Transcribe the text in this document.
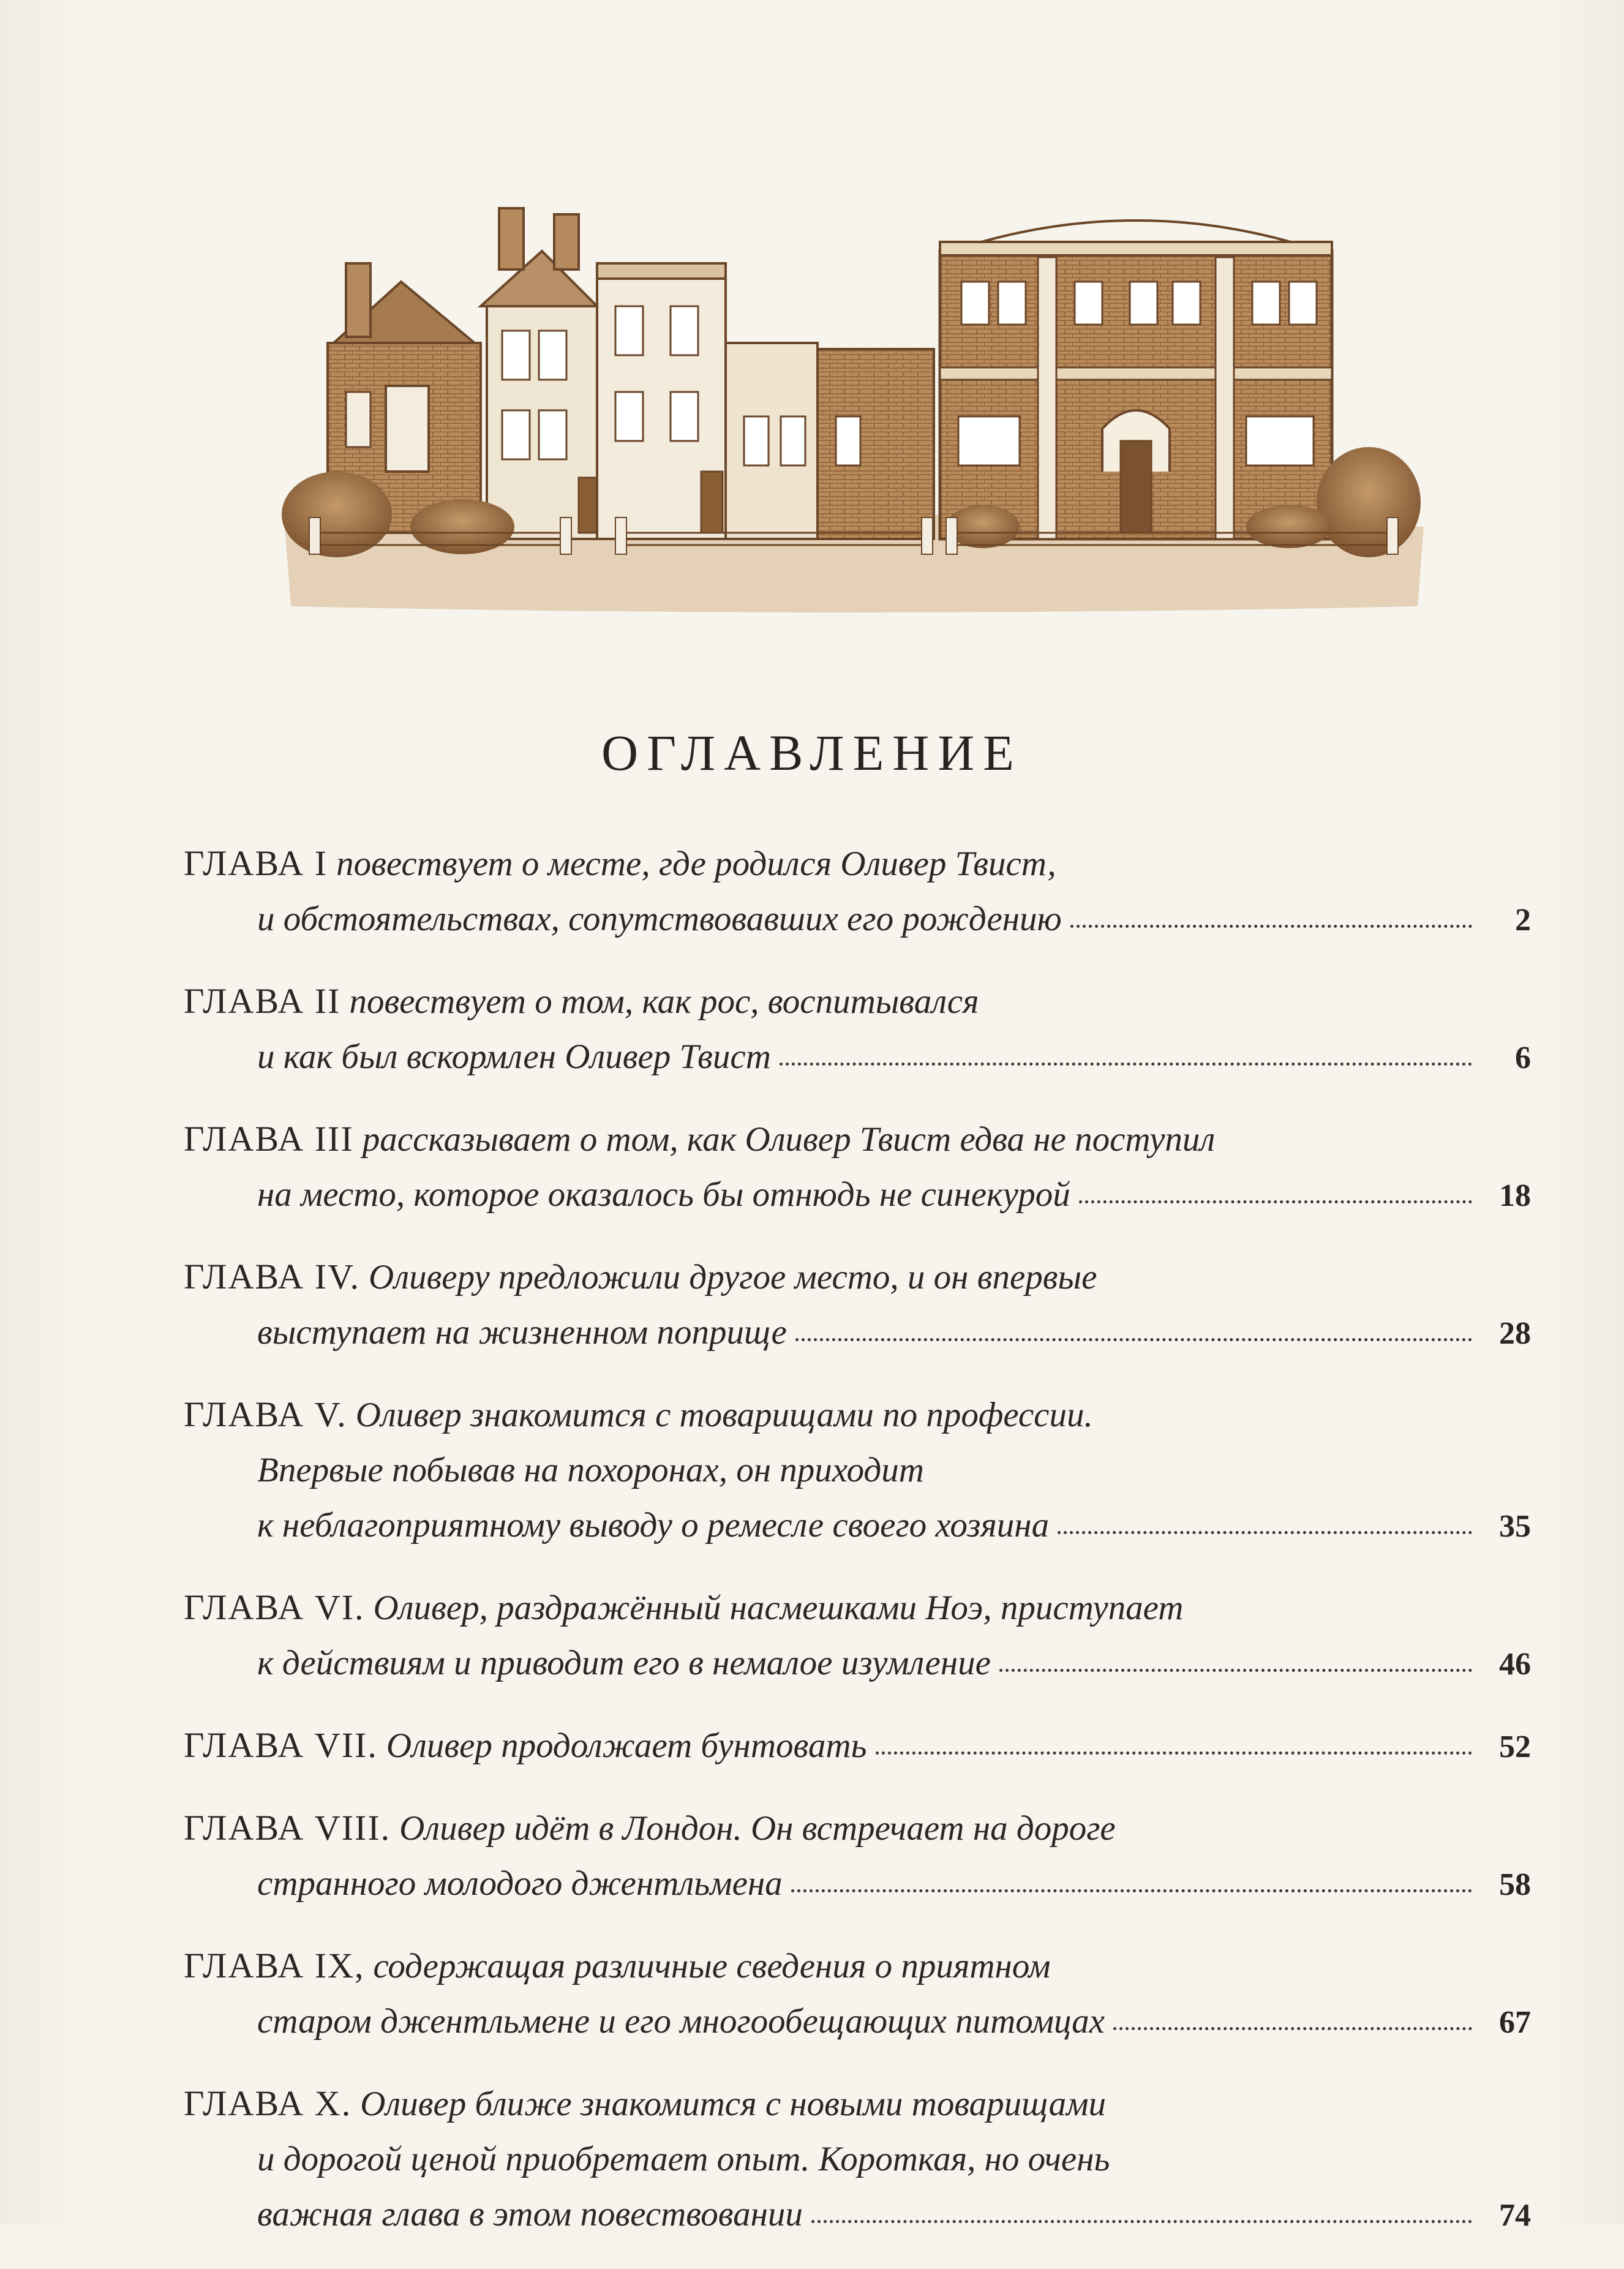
оглавление
ГЛАВА I повествует о месте, где родился Оливер Твист,
и обстоятельствах, сопутствовавших его рождению	2
ГЛАВА II повествует о том, как рос, воспитывался
и как был вскормлен Оливер Твист	6
ГЛАВА III рассказывает о том, как Оливер Твист едва не поступил
на место, которое оказалось бы отнюдь не синекурой	18
ГЛАВА IV. Оливеру предложили другое место, и он впервые
выступает на жизненном поприще	28
ГЛАВА V. Оливер знакомится с товарищами по профессии.
Впервые побывав на похоронах, он приходит
к неблагоприятному выводу о ремесле своего хозяина	35
ГЛАВА VI. Оливер, раздражённый насмешками Ноэ, приступает
к действиям и приводит его в немалое изумление	46
ГЛАВА VII. Оливер продолжает бунтовать	52
ГЛАВА VIII. Оливер идёт в Лондон. Он встречает на дороге
странного молодого джентльмена	58
ГЛАВА IX, содержащая различные сведения о приятном
старом джентльмене и его многообещающих питомцах	67
ГЛАВА X. Оливер ближе знакомится с новыми товарищами
и дорогой ценой приобретает опыт. Короткая, но очень
важная глава в этом повествовании	74
